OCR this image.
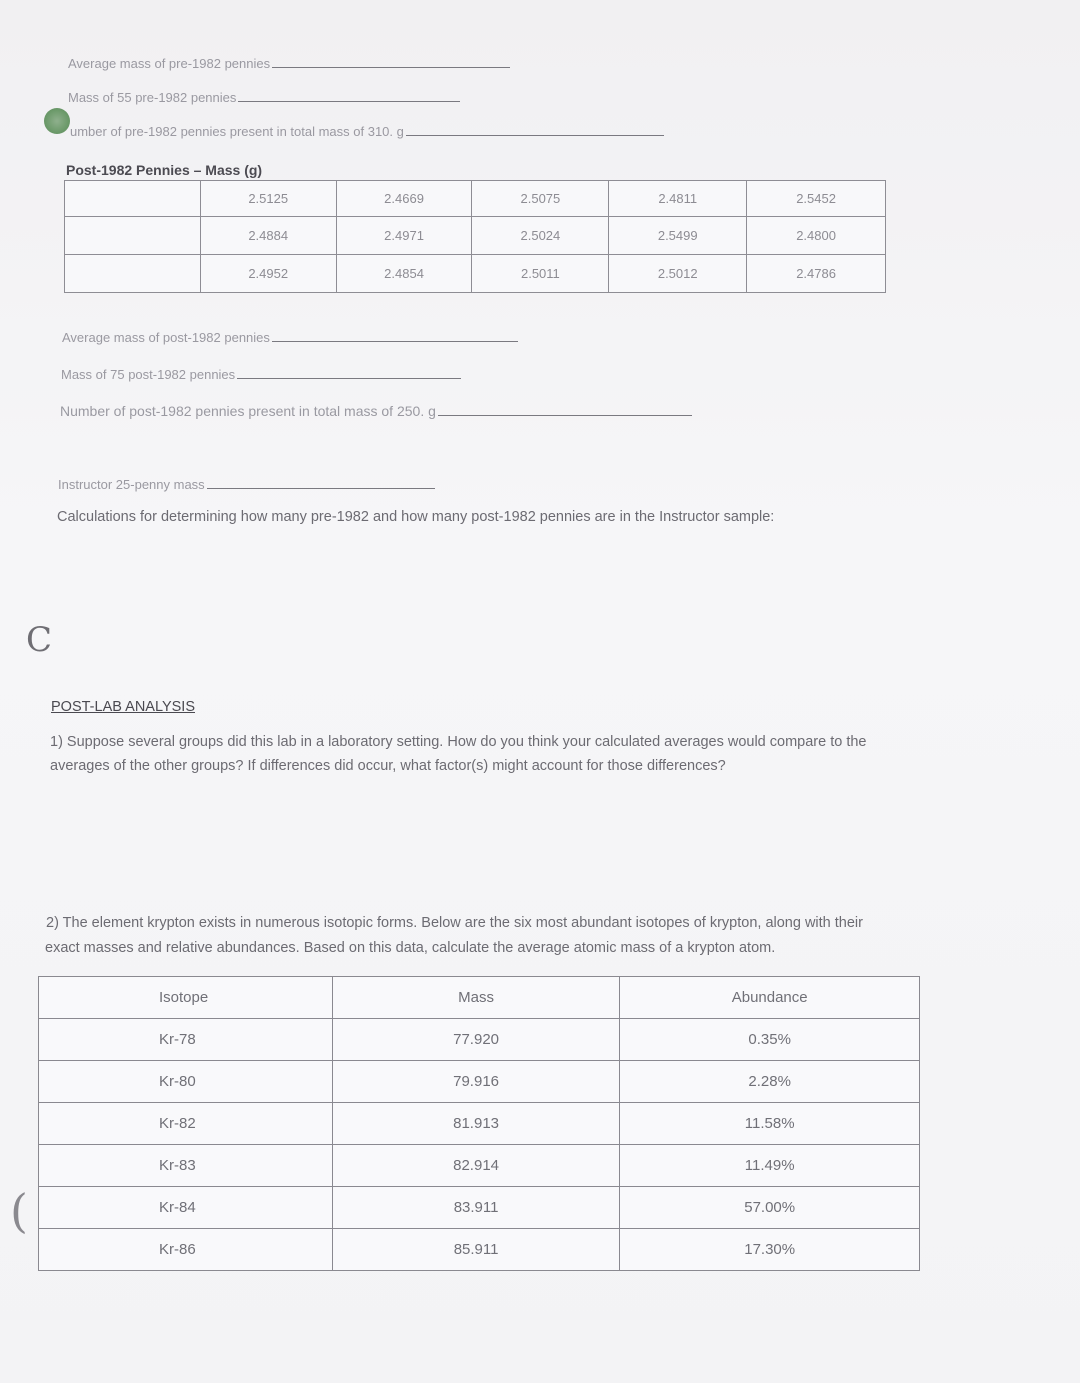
Average mass of pre-1982 pennies
Mass of 55 pre-1982 pennies
umber of pre-1982 pennies present in total mass of 310. g
Post-1982 Pennies – Mass (g)
	2.5125	2.4669	2.5075	2.4811	2.5452
	2.4884	2.4971	2.5024	2.5499	2.4800
	2.4952	2.4854	2.5011	2.5012	2.4786
Average mass of post-1982 pennies
Mass of 75 post-1982 pennies
Number of post-1982 pennies present in total mass of 250. g
Instructor 25-penny mass
Calculations for determining how many pre-1982 and how many post-1982 pennies are in the Instructor sample:
C
POST-LAB ANALYSIS
1) Suppose several groups did this lab in a laboratory setting. How do you think your calculated averages would compare to the
averages of the other groups? If differences did occur, what factor(s) might account for those differences?
2) The element krypton exists in numerous isotopic forms. Below are the six most abundant isotopes of krypton, along with their
exact masses and relative abundances. Based on this data, calculate the average atomic mass of a krypton atom.
(
Isotope	Mass	Abundance
Kr-78	77.920	0.35%
Kr-80	79.916	2.28%
Kr-82	81.913	11.58%
Kr-83	82.914	11.49%
Kr-84	83.911	57.00%
Kr-86	85.911	17.30%
